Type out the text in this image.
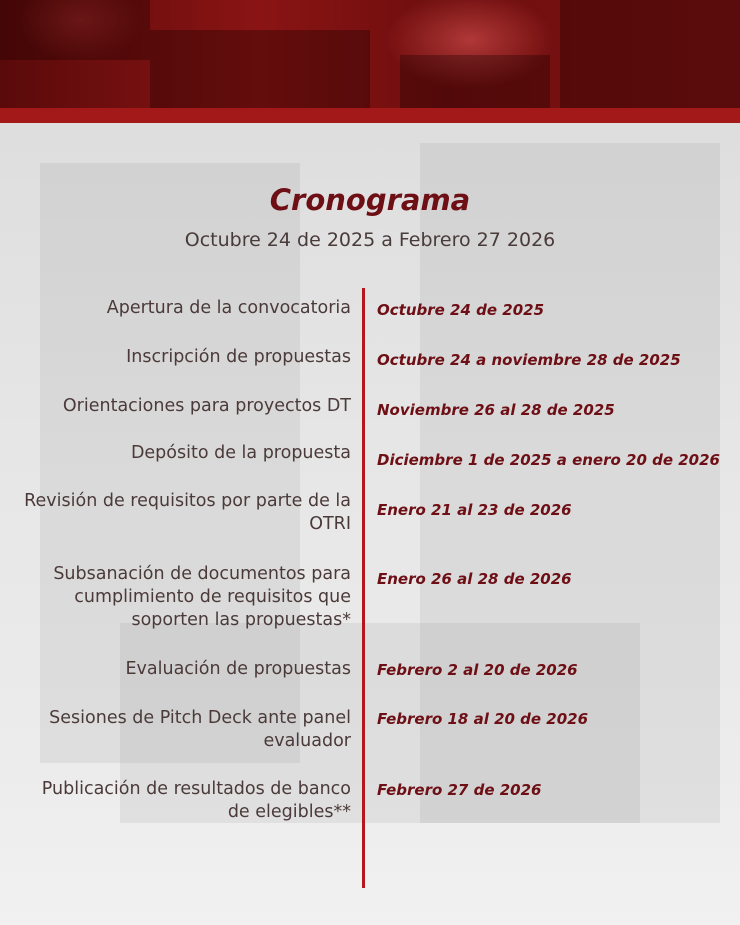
Cronograma
Octubre 24 de 2025 a Febrero 27 2026
Apertura de la convocatoria Octubre 24 de 2025
Inscripción de propuestas Octubre 24 a noviembre 28 de 2025
Orientaciones para proyectos DT Noviembre 26 al 28 de 2025
Depósito de la propuesta Diciembre 1 de 2025 a enero 20 de 2026
Revisión de requisitos por parte de la OTRI
Enero 21 al 23 de 2026
Subsanación de documentos para cumplimiento de requisitos que soporten las propuestas*
Enero 26 al 28 de 2026
Evaluación de propuestas Febrero 2 al 20 de 2026
Sesiones de Pitch Deck ante panel evaluador
Febrero 18 al 20 de 2026
Publicación de resultados de banco de elegibles**
Febrero 27 de 2026
